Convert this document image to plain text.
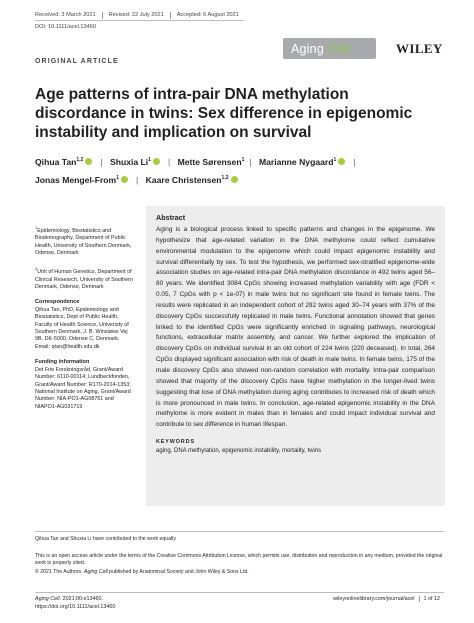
Received: 3 March 2021	Revised: 22 July 2021	Accepted: 6 August 2021
DOI: 10.1111/acel.13460
Aging Cell	WILEY
ORIGINAL ARTICLE
Age patterns of intra-pair DNA methylation discordance in twins: Sex difference in epigenomic instability and implication on survival
Qihua Tan$^{1,2}$ | Shuxia Li$^1$ | Mette Sørensen$^1$ | Marianne Nygaard$^1$ |
Jonas Mengel-From$^1$ | Kaare Christensen$^{1,2}$
$^1$Epidemiology, Biostatistics and Biodemography, Department of Public Health, University of Southern Denmark, Odense, Denmark
$^2$Unit of Human Genetics, Department of Clinical Research, University of Southern Denmark, Odense, Denmark
Correspondence
Qihua Tan, PhD, Epidemiology and Biostatistics, Dept of Public Health, Faculty of Health Science, University of Southern Denmark, J. B. Winsløws Vej 9B, DK-5000, Odense C, Denmark.
Email: qtan@health.sdu.dk
Funding information
Det Frie Forskningsråd, Grant/Award Number: 6110-00114; Lundbeckfonden, Grant/Award Number: R170-2014-1353; National Institute on Aging, Grant/Award Number: NIA-PO1-AG08761 and NIAPO1-AG031719
Abstract
Aging is a biological process linked to specific patterns and changes in the epigenome. We hypothesize that age-related variation in the DNA methylome could reflect cumulative environmental modulation to the epigenome which could impact epigenomic instability and survival differentially by sex. To test the hypothesis, we performed sex-stratified epigenome-wide association studies on age-related intra-pair DNA methylation discordance in 492 twins aged 56–80 years. We identified 3084 CpGs showing increased methylation variability with age (FDR < 0.05, 7 CpGs with p < 1e-07) in male twins but no significant site found in female twins. The results were replicated in an independent cohort of 292 twins aged 30–74 years with 37% of the discovery CpGs successfully replicated in male twins. Functional annotation showed that genes linked to the identified CpGs were significantly enriched in signaling pathways, neurological functions, extracellular matrix assembly, and cancer. We further explored the implication of discovery CpGs on individual survival in an old cohort of 224 twins (220 deceased). In total, 264 CpGs displayed significant association with risk of death in male twins. In female twins, 175 of the male discovery CpGs also showed non-random correlation with mortality. Intra-pair comparison showed that majority of the discovery CpGs have higher methylation in the longer-lived twins suggesting that lose of DNA methylation during aging contributes to increased risk of death which is more pronounced in male twins. In conclusion, age-related epigenomic instability in the DNA methylome is more evident in males than in females and could impact individual survival and contribute to sex difference in human lifespan.
KEYWORDS
aging, DNA methylation, epigenomic instability, mortality, twins
Qihua Tan and Shuxia Li have contributed to the work equally
This is an open access article under the terms of the Creative Commons Attribution License, which permits use, distribution and reproduction in any medium, provided the original work is properly cited.
© 2021 The Authors. Aging Cell published by Anatomical Society and John Wiley & Sons Ltd.
Aging Cell. 2021;00:e13460.
https://doi.org/10.1111/acel.13460
wileyonlinelibrary.com/journal/acel	1 of 12
